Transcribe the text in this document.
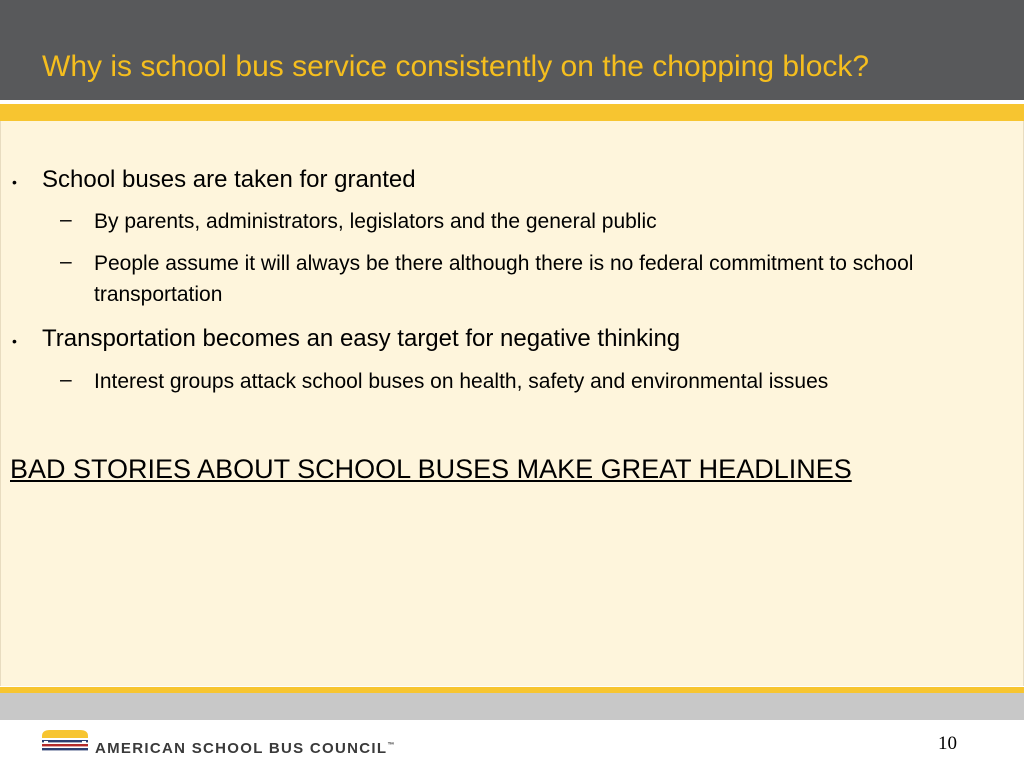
Why is school bus service consistently on the chopping block?
• School buses are taken for granted
– By parents, administrators, legislators and the general public
– People assume it will always be there although there is no federal commitment to school transportation
• Transportation becomes an easy target for negative thinking
– Interest groups attack school buses on health, safety and environmental issues
BAD STORIES ABOUT SCHOOL BUSES MAKE GREAT HEADLINES
AMERICAN SCHOOL BUS COUNCIL™	10
